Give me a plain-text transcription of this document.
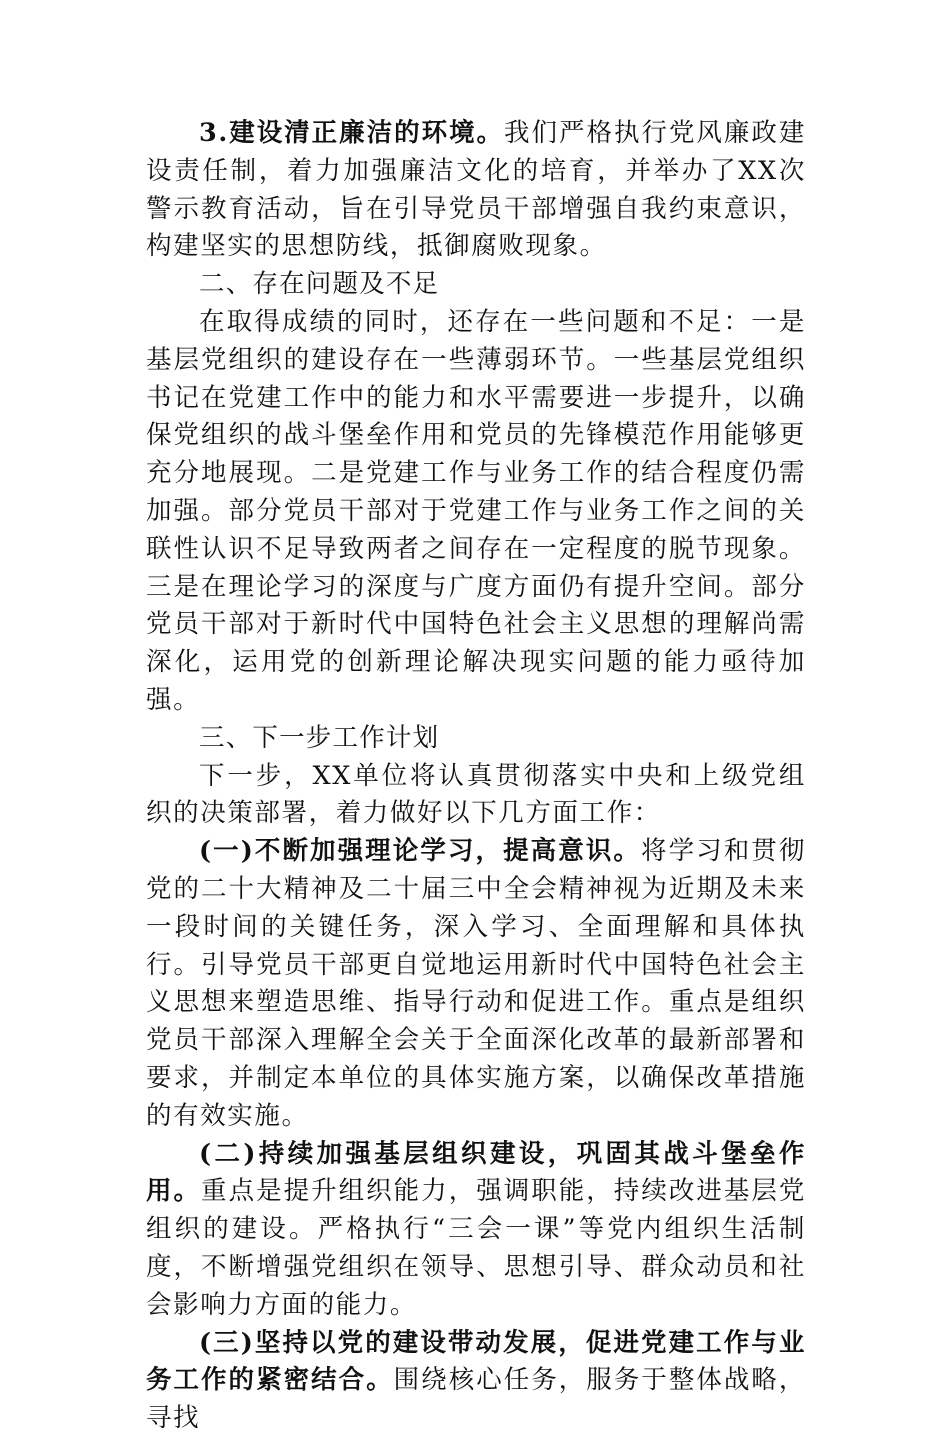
3.建设清正廉洁的环境。我们严格执行党风廉政建设责任制，着力加强廉洁文化的培育，并举办了XX次警示教育活动，旨在引导党员干部增强自我约束意识，构建坚实的思想防线，抵御腐败现象。

二、存在问题及不足

在取得成绩的同时，还存在一些问题和不足：一是基层党组织的建设存在一些薄弱环节。一些基层党组织书记在党建工作中的能力和水平需要进一步提升，以确保党组织的战斗堡垒作用和党员的先锋模范作用能够更充分地展现。二是党建工作与业务工作的结合程度仍需加强。部分党员干部对于党建工作与业务工作之间的关联性认识不足导致两者之间存在一定程度的脱节现象。三是在理论学习的深度与广度方面仍有提升空间。部分党员干部对于新时代中国特色社会主义思想的理解尚需深化，运用党的创新理论解决现实问题的能力亟待加强。

三、下一步工作计划

下一步，XX单位将认真贯彻落实中央和上级党组织的决策部署，着力做好以下几方面工作：

(一)不断加强理论学习，提高意识。将学习和贯彻党的二十大精神及二十届三中全会精神视为近期及未来一段时间的关键任务，深入学习、全面理解和具体执行。引导党员干部更自觉地运用新时代中国特色社会主义思想来塑造思维、指导行动和促进工作。重点是组织党员干部深入理解全会关于全面深化改革的最新部署和要求，并制定本单位的具体实施方案，以确保改革措施的有效实施。

(二)持续加强基层组织建设，巩固其战斗堡垒作用。重点是提升组织能力，强调职能，持续改进基层党组织的建设。严格执行“三会一课”等党内组织生活制度，不断增强党组织在领导、思想引导、群众动员和社会影响力方面的能力。

(三)坚持以党的建设带动发展，促进党建工作与业务工作的紧密结合。围绕核心任务，服务于整体战略，寻找
